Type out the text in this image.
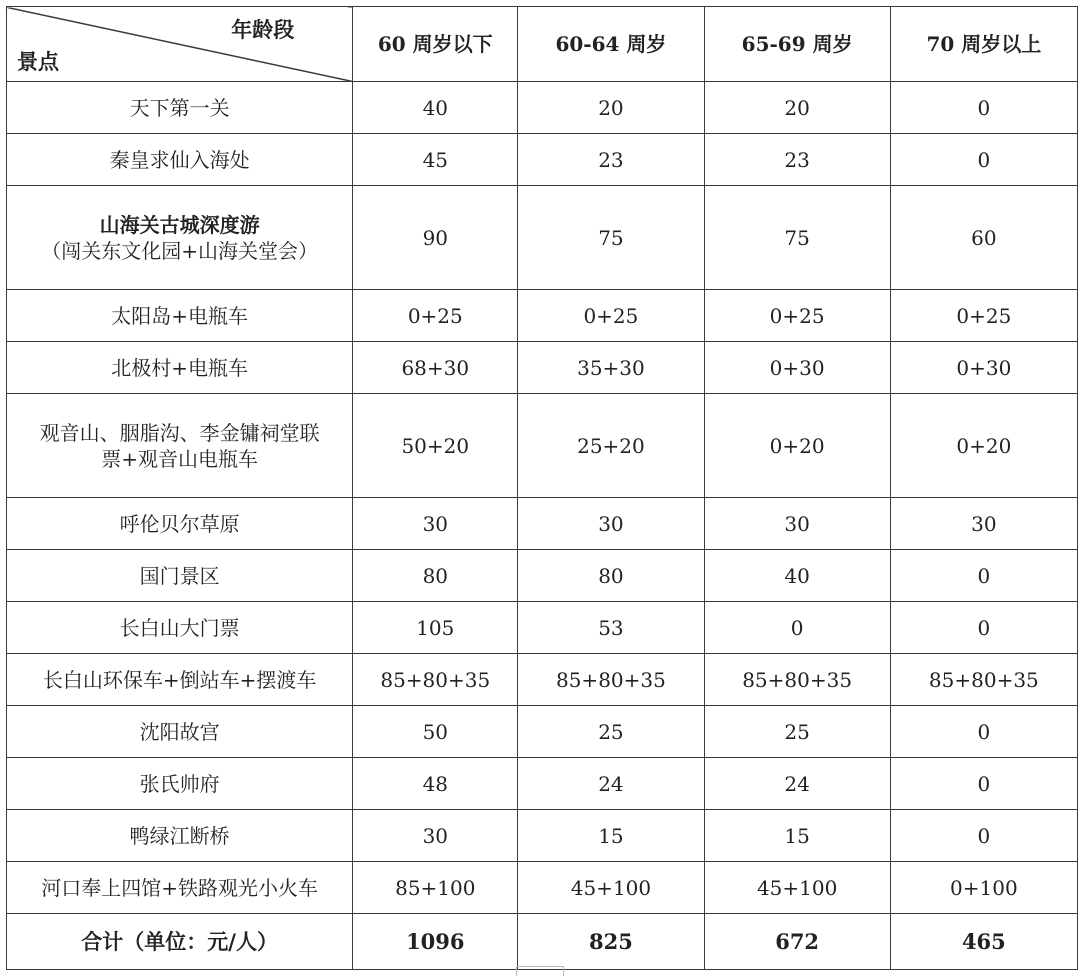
年龄段
景点	60 周岁以下	60-64 周岁	65-69 周岁	70 周岁以上
天下第一关	40	20	20	0
秦皇求仙入海处	45	23	23	0

山海关古城深度游
（闯关东文化园+山海关堂会）	90	75	75	60
太阳岛+电瓶车	0+25	0+25	0+25	0+25
北极村+电瓶车	68+30	35+30	0+30	0+30

观音山、胭脂沟、李金镛祠堂联
票+观音山电瓶车	50+20	25+20	0+20	0+20
呼伦贝尔草原	30	30	30	30
国门景区	80	80	40	0
长白山大门票	105	53	0	0
长白山环保车+倒站车+摆渡车	85+80+35	85+80+35	85+80+35	85+80+35
沈阳故宫	50	25	25	0
张氏帅府	48	24	24	0
鸭绿江断桥	30	15	15	0
河口奉上四馆+铁路观光小火车	85+100	45+100	45+100	0+100
合计（单位：元/人）	1096	825	672	465
